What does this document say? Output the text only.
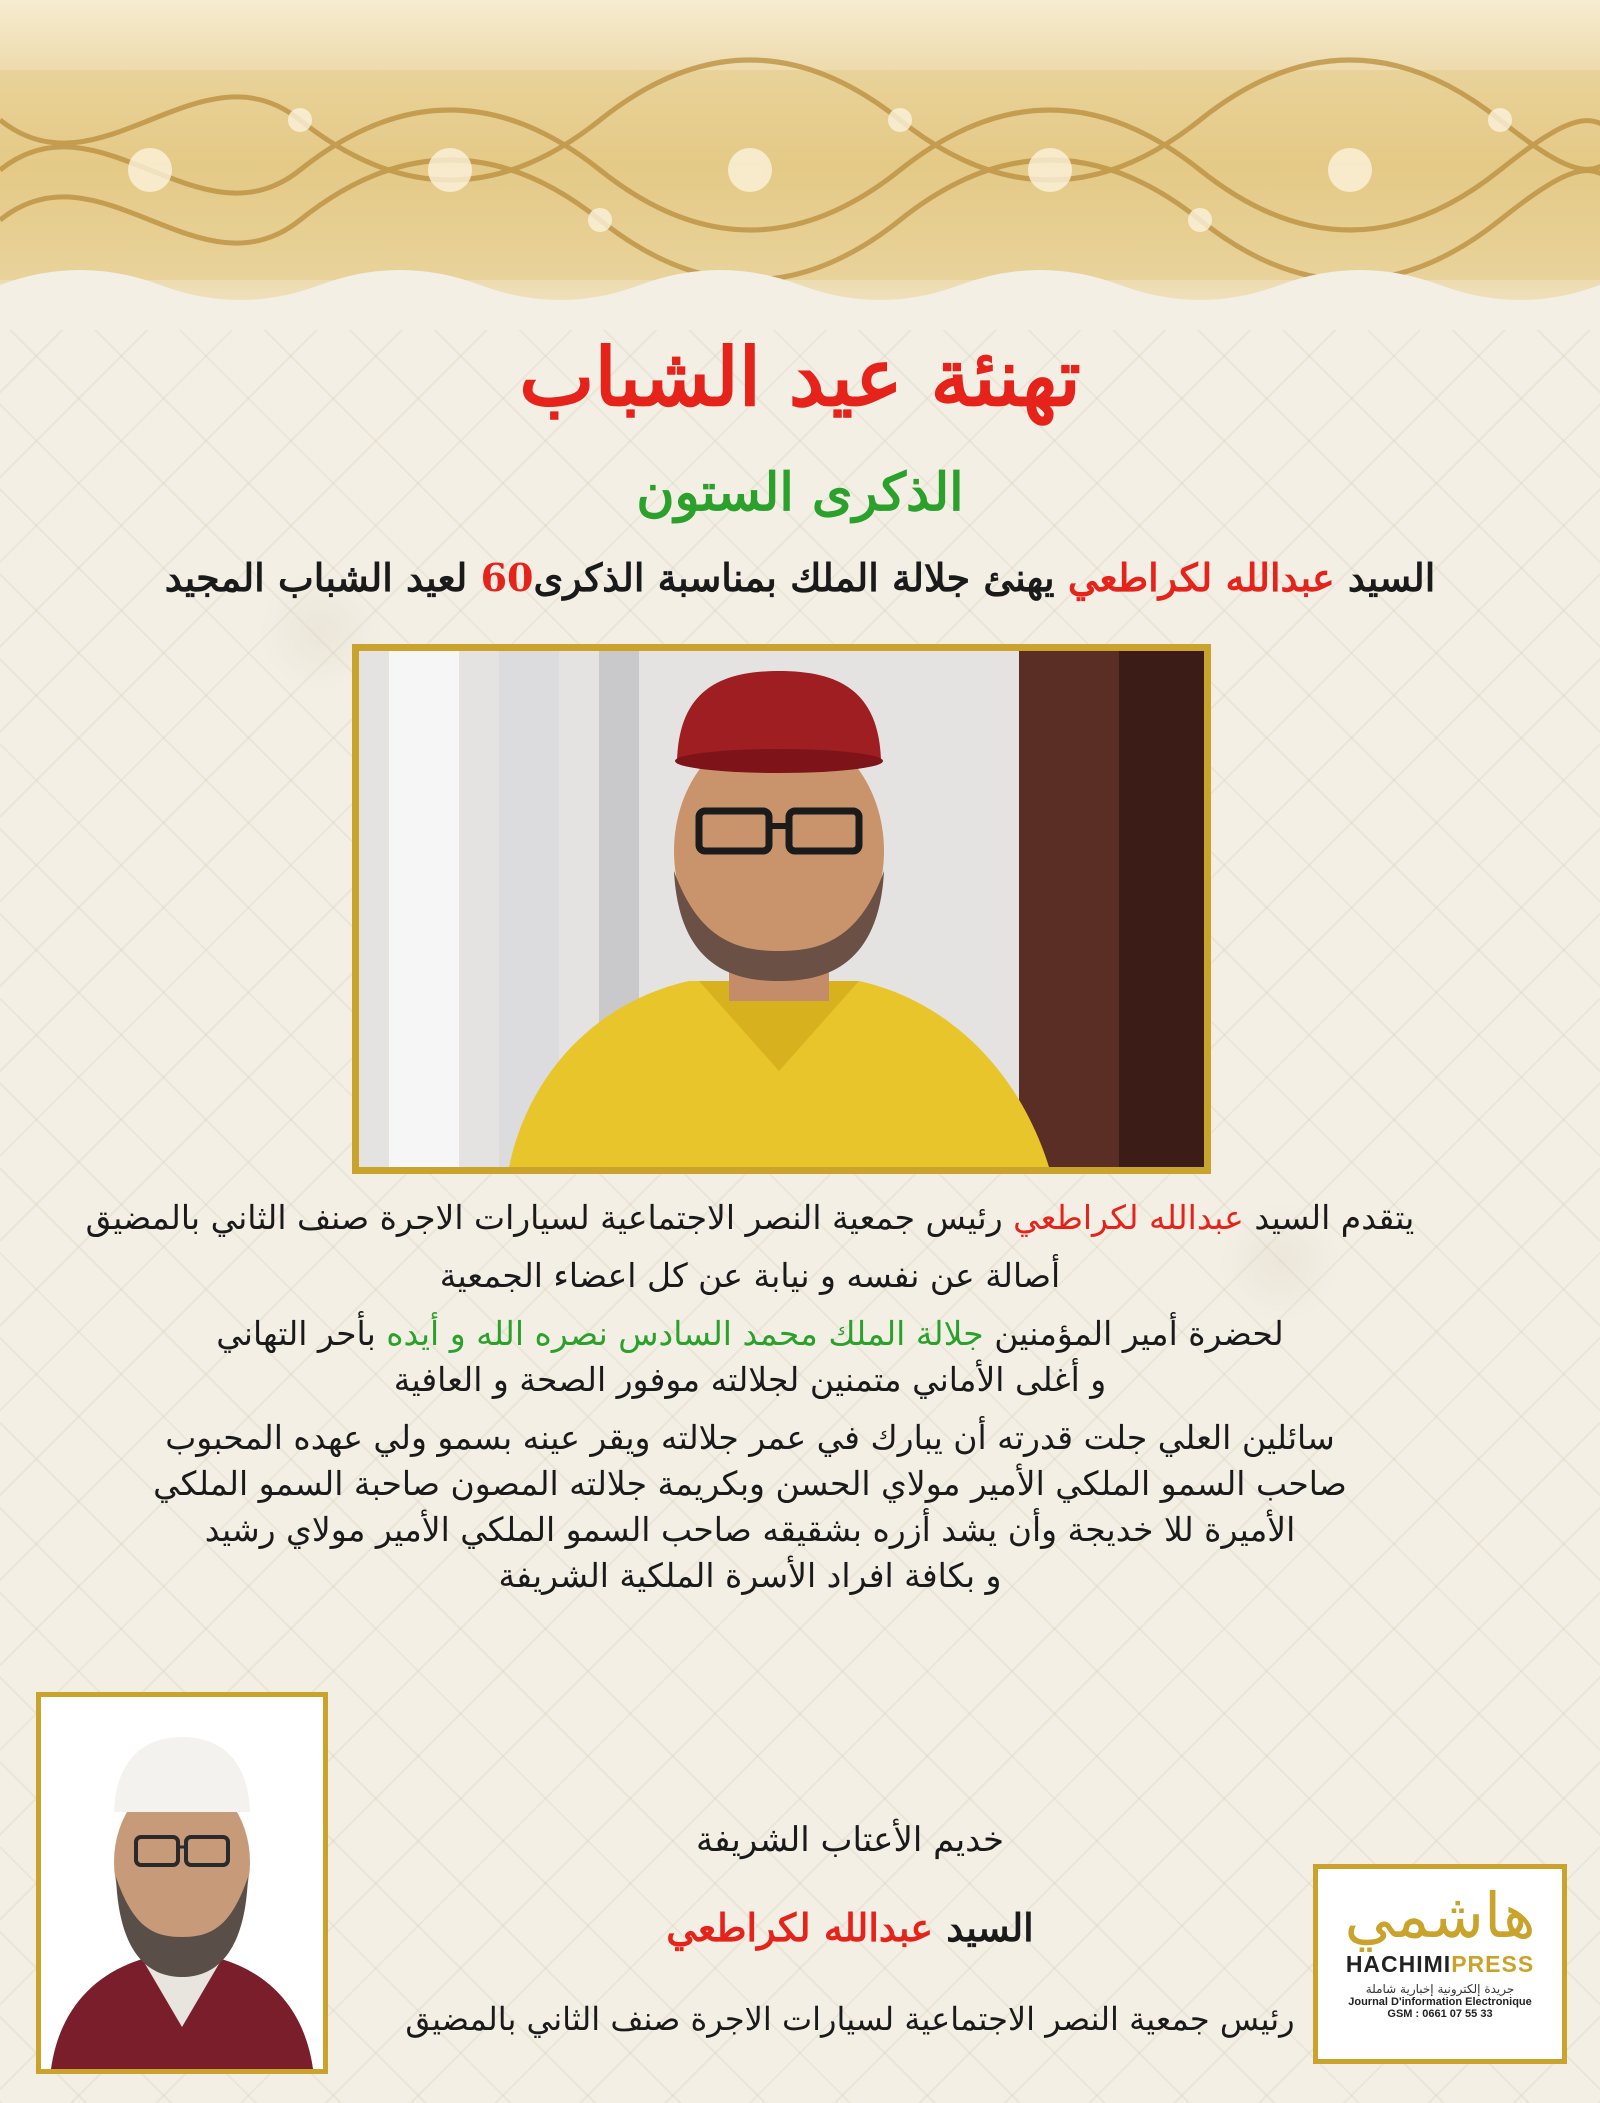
تهنئة عيد الشباب
الذكرى الستون

السيد عبدالله لكراطعي يهنئ جلالة الملك بمناسبة الذكرى60 لعيد الشباب المجيد

يتقدم السيد عبدالله لكراطعي رئيس جمعية النصر الاجتماعية لسيارات الاجرة صنف الثاني بالمضيق

أصالة عن نفسه و نيابة عن كل اعضاء الجمعية

لحضرة أمير المؤمنين جلالة الملك محمد السادس نصره الله و أيده بأحر التهاني

و أغلى الأماني متمنين لجلالته موفور الصحة و العافية

سائلين العلي جلت قدرته أن يبارك في عمر جلالته ويقر عينه بسمو ولي عهده المحبوب

صاحب السمو الملكي الأمير مولاي الحسن وبكريمة جلالته المصون صاحبة السمو الملكي

الأميرة للا خديجة وأن يشد أزره بشقيقه صاحب السمو الملكي الأمير مولاي رشيد

و بكافة افراد الأسرة الملكية الشريفة

خديم الأعتاب الشريفة

السيد عبدالله لكراطعي

رئيس جمعية النصر الاجتماعية لسيارات الاجرة صنف الثاني بالمضيق

هاشمي
HACHIMIPRESS
جريدة إلكترونية إخبارية شاملة
Journal D'information Electronique
GSM : 0661 07 55 33
